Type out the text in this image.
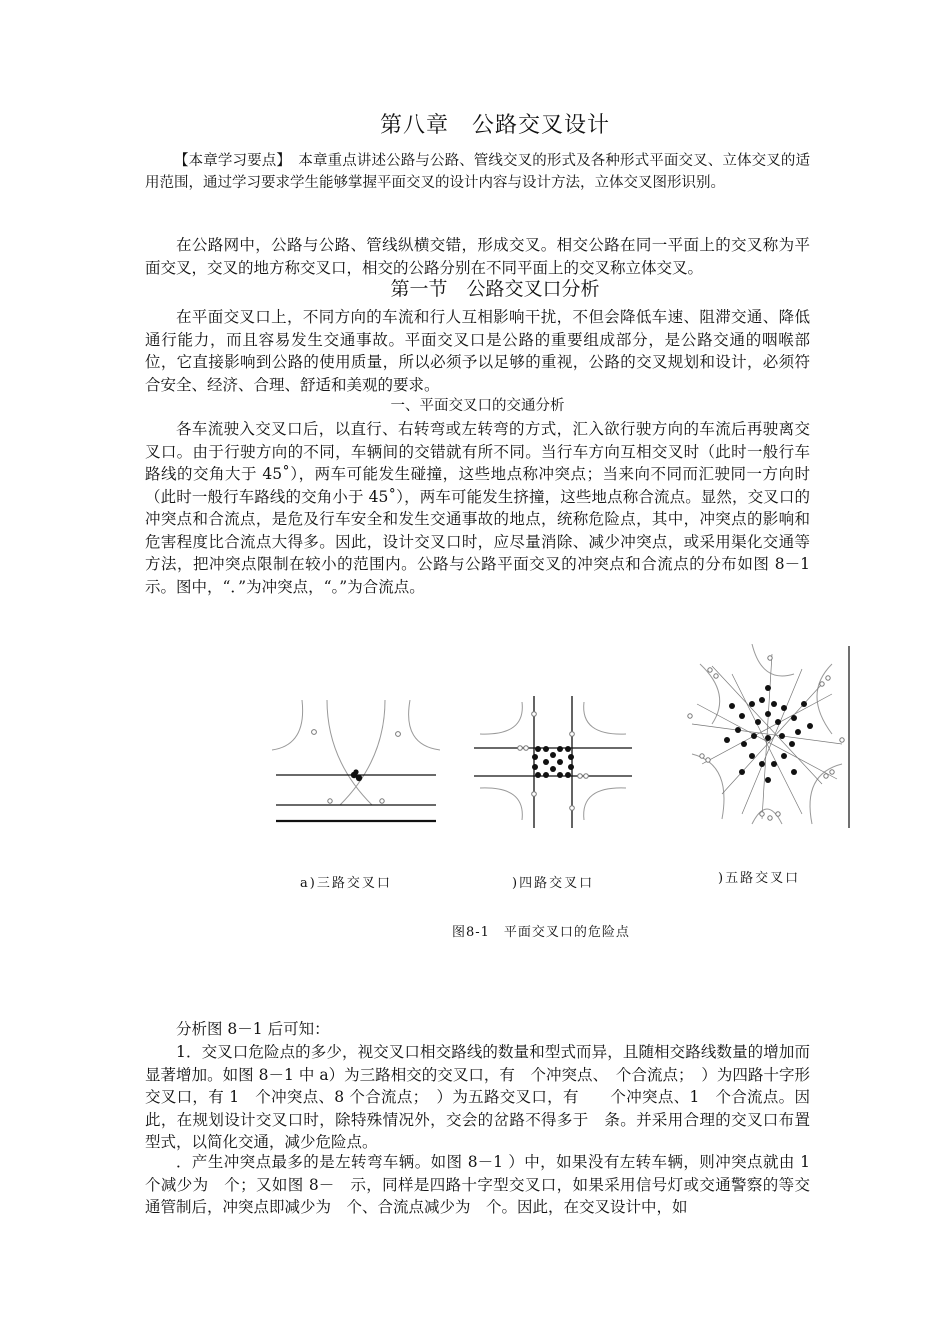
第八章　公路交叉设计

【本章学习要点】　本章重点讲述公路与公路、管线交叉的形式及各种形式平面交叉、立体交叉的适用范围，通过学习要求学生能够掌握平面交叉的设计内容与设计方法，立体交叉图形识别。

在公路网中，公路与公路、管线纵横交错，形成交叉。相交公路在同一平面上的交叉称为平面交叉，交叉的地方称交叉口，相交的公路分别在不同平面上的交叉称立体交叉。

第一节　公路交叉口分析

在平面交叉口上，不同方向的车流和行人互相影响干扰，不但会降低车速、阻滞交通、降低通行能力，而且容易发生交通事故。平面交叉口是公路的重要组成部分，是公路交通的咽喉部位，它直接影响到公路的使用质量，所以必须予以足够的重视，公路的交叉规划和设计，必须符合安全、经济、合理、舒适和美观的要求。

一、平面交叉口的交通分析

各车流驶入交叉口后，以直行、右转弯或左转弯的方式，汇入欲行驶方向的车流后再驶离交叉口。由于行驶方向的不同，车辆间的交错就有所不同。当行车方向互相交叉时（此时一般行车路线的交角大于 45˚），两车可能发生碰撞，这些地点称冲突点；当来向不同而汇驶同一方向时（此时一般行车路线的交角小于 45˚），两车可能发生挤撞，这些地点称合流点。显然，交叉口的冲突点和合流点，是危及行车安全和发生交通事故的地点，统称危险点，其中，冲突点的影响和危害程度比合流点大得多。因此，设计交叉口时，应尽量消除、减少冲突点，或采用渠化交通等方法，把冲突点限制在较小的范围内。公路与公路平面交叉的冲突点和合流点的分布如图 8－1 示。图中，“．”为冲突点，“。”为合流点。

a)三路交叉口	)四路交叉口	)五路交叉口
图8-1　平面交叉口的危险点

分析图 8－1 后可知：

1．交叉口危险点的多少，视交叉口相交路线的数量和型式而异，且随相交路线数量的增加而显著增加。如图 8－1 中 a）为三路相交的交叉口，有　个冲突点、　个合流点；　）为四路十字形交叉口，有 1　个冲突点、8 个合流点；　）为五路交叉口，有　　个冲突点、1　个合流点。因此，在规划设计交叉口时，除特殊情况外，交会的岔路不得多于　条。并采用合理的交叉口布置型式，以简化交通，减少危险点。

．产生冲突点最多的是左转弯车辆。如图 8－1 ）中，如果没有左转车辆，则冲突点就由 1　个减少为　个；又如图 8－　示，同样是四路十字型交叉口，如果采用信号灯或交通警察的等交通管制后，冲突点即减少为　个、合流点减少为　个。因此，在交叉设计中，如
